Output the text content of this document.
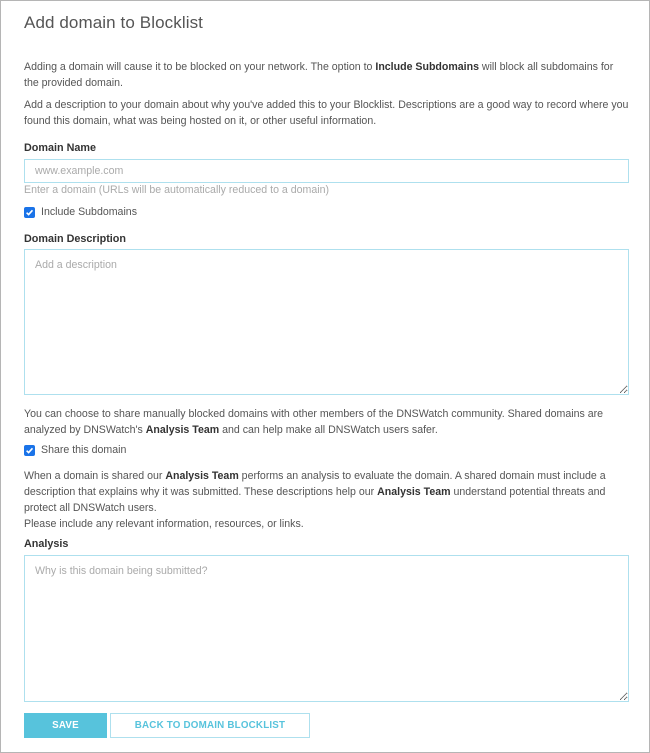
Add domain to Blocklist

Adding a domain will cause it to be blocked on your network. The option to Include Subdomains will block all subdomains for the provided domain.

Add a description to your domain about why you've added this to your Blocklist. Descriptions are a good way to record where you found this domain, what was being hosted on it, or other useful information.

Domain Name
www.example.com
Enter a domain (URLs will be automatically reduced to a domain)
Include Subdomains
Domain Description
Add a description

You can choose to share manually blocked domains with other members of the DNSWatch community. Shared domains are analyzed by DNSWatch's Analysis Team and can help make all DNSWatch users safer.

Share this domain

When a domain is shared our Analysis Team performs an analysis to evaluate the domain. A shared domain must include a description that explains why it was submitted. These descriptions help our Analysis Team understand potential threats and protect all DNSWatch users.

Please include any relevant information, resources, or links.

Analysis
Why is this domain being submitted?
SAVE	BACK TO DOMAIN BLOCKLIST
